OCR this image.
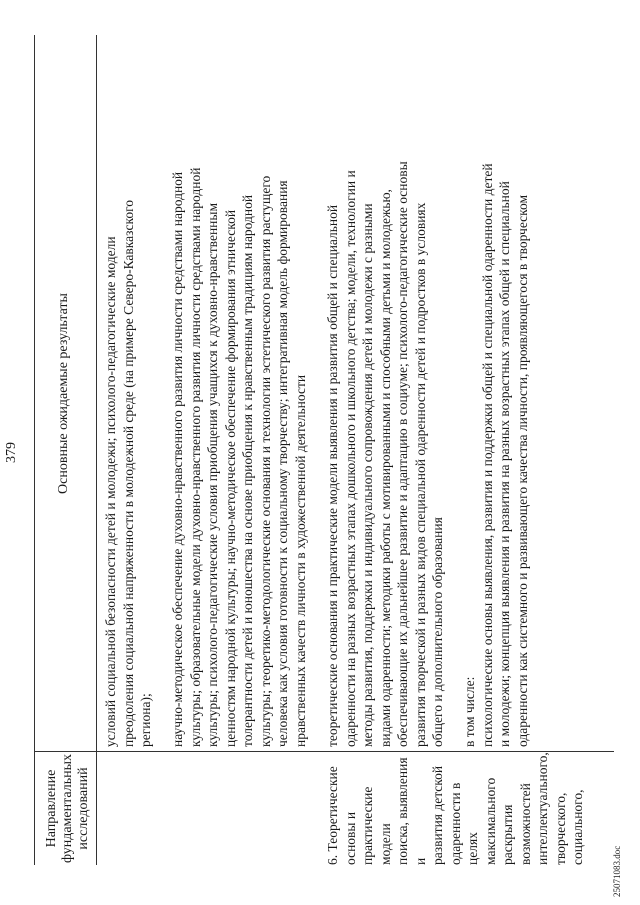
379
Направление
фундаментальных
исследований
Основные ожидаемые результаты
условий социальной безопасности детей и молодежи; психолого-педагогические модели
преодоления социальной напряженности в молодежной среде (на примере Северо-Кавказского
региона); научно-методическое обеспечение духовно-нравственного развития личности средствами народной
культуры; образовательные модели духовно-нравственного развития личности средствами народной
культуры; психолого-педагогические условия приобщения учащихся к духовно-нравственным
ценностям народной культуры; научно-методическое обеспечение формирования этнической
толерантности детей и юношества на основе приобщения к нравственным традициям народной
культуры; теоретико-методологические основания и технологии эстетического развития растущего
человека как условия готовности к социальному творчеству; интегративная модель формирования
нравственных качеств личности в художественной деятельности
6. Теоретические
основы и
практические модели
поиска, выявления и
развития детской
одаренности в целях
максимального
раскрытия
возможностей
интеллектуального,
творческого,
социального,
теоретические основания и практические модели выявления и развития общей и специальной
одаренности на разных возрастных этапах дошкольного и школьного детства; модели, технологии и
методы развития, поддержки и индивидуального сопровождения детей и молодежи с разными
видами одаренности; методики работы с мотивированными и способными детьми и молодежью,
обеспечивающие их дальнейшее развитие и адаптацию в социуме; психолого-педагогические основы
развития творческой и разных видов специальной одаренности детей и подростков в условиях
общего и дополнительного образования
в том числе:
психологические основы выявления, развития и поддержки общей и специальной одаренности детей
и молодежи; концепция выявления и развития на разных возрастных этапах общей и специальной
одаренности как системного и развивающего качества личности, проявляющегося в творческом
25071083.doc
